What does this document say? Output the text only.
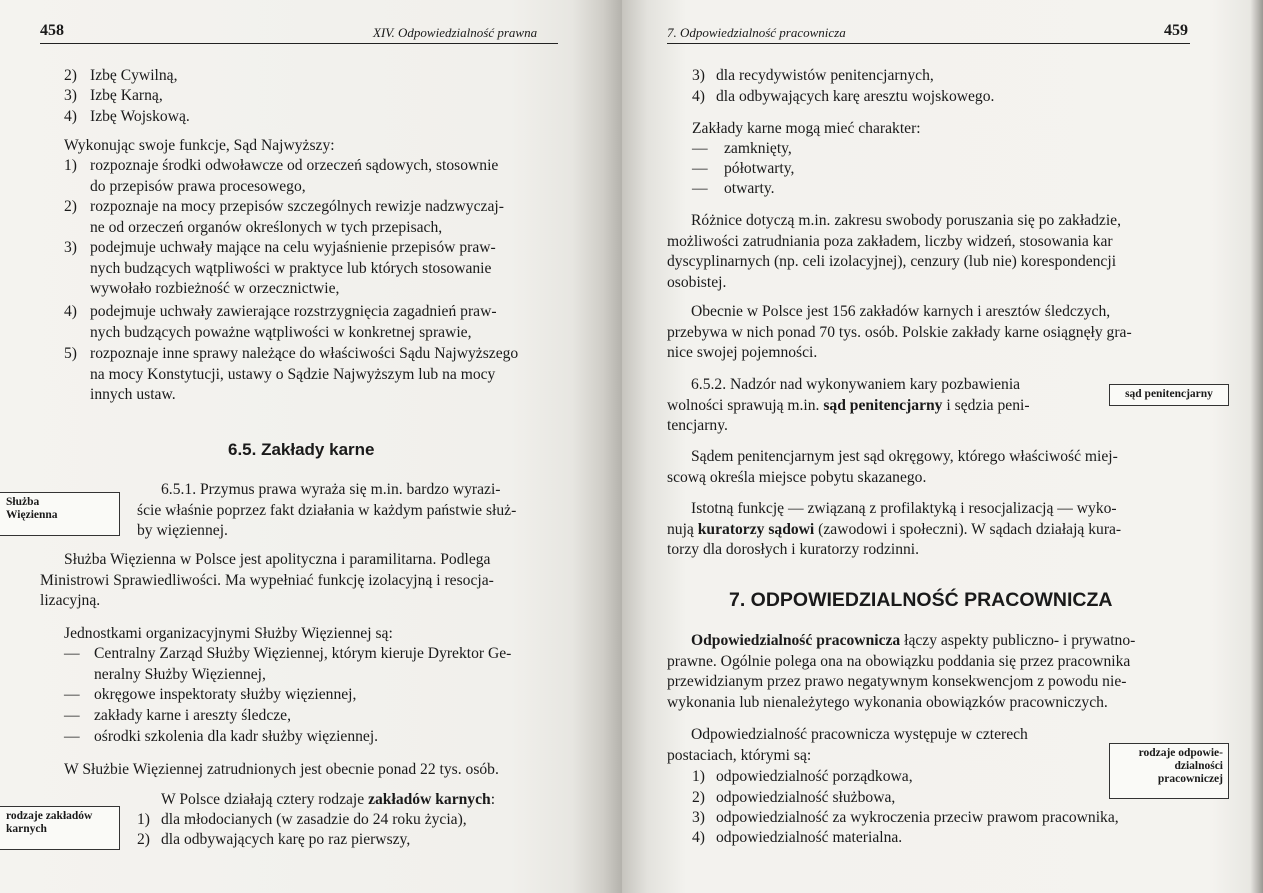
458	XIV. Odpowiedzialność prawna
2) Izbę Cywilną,
3) Izbę Karną,
4) Izbę Wojskową.
Wykonując swoje funkcje, Sąd Najwyższy:
1) rozpoznaje środki odwoławcze od orzeczeń sądowych, stosownie
do przepisów prawa procesowego,
2) rozpoznaje na mocy przepisów szczególnych rewizje nadzwyczaj-
ne od orzeczeń organów określonych w tych przepisach,
3) podejmuje uchwały mające na celu wyjaśnienie przepisów praw-
nych budzących wątpliwości w praktyce lub których stosowanie
wywołało rozbieżność w orzecznictwie,
4) podejmuje uchwały zawierające rozstrzygnięcia zagadnień praw-
nych budzących poważne wątpliwości w konkretnej sprawie,
5) rozpoznaje inne sprawy należące do właściwości Sądu Najwyższego
na mocy Konstytucji, ustawy o Sądzie Najwyższym lub na mocy
innych ustaw.
6.5. Zakłady karne
Służba
Więzienna
6.5.1. Przymus prawa wyraża się m.in. bardzo wyrazi-
ście właśnie poprzez fakt działania w każdym państwie służ-
by więziennej.
Służba Więzienna w Polsce jest apolityczna i paramilitarna. Podlega
Ministrowi Sprawiedliwości. Ma wypełniać funkcję izolacyjną i resocja-
lizacyjną.
Jednostkami organizacyjnymi Służby Więziennej są:
— Centralny Zarząd Służby Więziennej, którym kieruje Dyrektor Ge-
neralny Służby Więziennej,
— okręgowe inspektoraty służby więziennej,
— zakłady karne i areszty śledcze,
— ośrodki szkolenia dla kadr służby więziennej.
W Służbie Więziennej zatrudnionych jest obecnie ponad 22 tys. osób.
rodzaje zakładów
karnych
W Polsce działają cztery rodzaje zakładów karnych:
1) dla młodocianych (w zasadzie do 24 roku życia),
2) dla odbywających karę po raz pierwszy,
7. Odpowiedzialność pracownicza	459
3) dla recydywistów penitencjarnych,
4) dla odbywających karę aresztu wojskowego.
Zakłady karne mogą mieć charakter:
— zamknięty,
— półotwarty,
— otwarty.
Różnice dotyczą m.in. zakresu swobody poruszania się po zakładzie,
możliwości zatrudniania poza zakładem, liczby widzeń, stosowania kar
dyscyplinarnych (np. celi izolacyjnej), cenzury (lub nie) korespondencji
osobistej.
Obecnie w Polsce jest 156 zakładów karnych i aresztów śledczych,
przebywa w nich ponad 70 tys. osób. Polskie zakłady karne osiągnęły gra-
nice swojej pojemności.
6.5.2. Nadzór nad wykonywaniem kary pozbawienia
wolności sprawują m.in. sąd penitencjarny i sędzia peni-
tencjarny.
sąd penitencjarny
Sądem penitencjarnym jest sąd okręgowy, którego właściwość miej-
scową określa miejsce pobytu skazanego.
Istotną funkcję — związaną z profilaktyką i resocjalizacją — wyko-
nują kuratorzy sądowi (zawodowi i społeczni). W sądach działają kura-
torzy dla dorosłych i kuratorzy rodzinni.
7. ODPOWIEDZIALNOŚĆ PRACOWNICZA
Odpowiedzialność pracownicza łączy aspekty publiczno- i prywatno-
prawne. Ogólnie polega ona na obowiązku poddania się przez pracownika
przewidzianym przez prawo negatywnym konsekwencjom z powodu nie-
wykonania lub nienależytego wykonania obowiązków pracowniczych.
Odpowiedzialność pracownicza występuje w czterech
postaciach, którymi są:	rodzaje odpowie-
dzialności
pracowniczej
1) odpowiedzialność porządkowa,
2) odpowiedzialność służbowa,
3) odpowiedzialność za wykroczenia przeciw prawom pracownika,
4) odpowiedzialność materialna.
